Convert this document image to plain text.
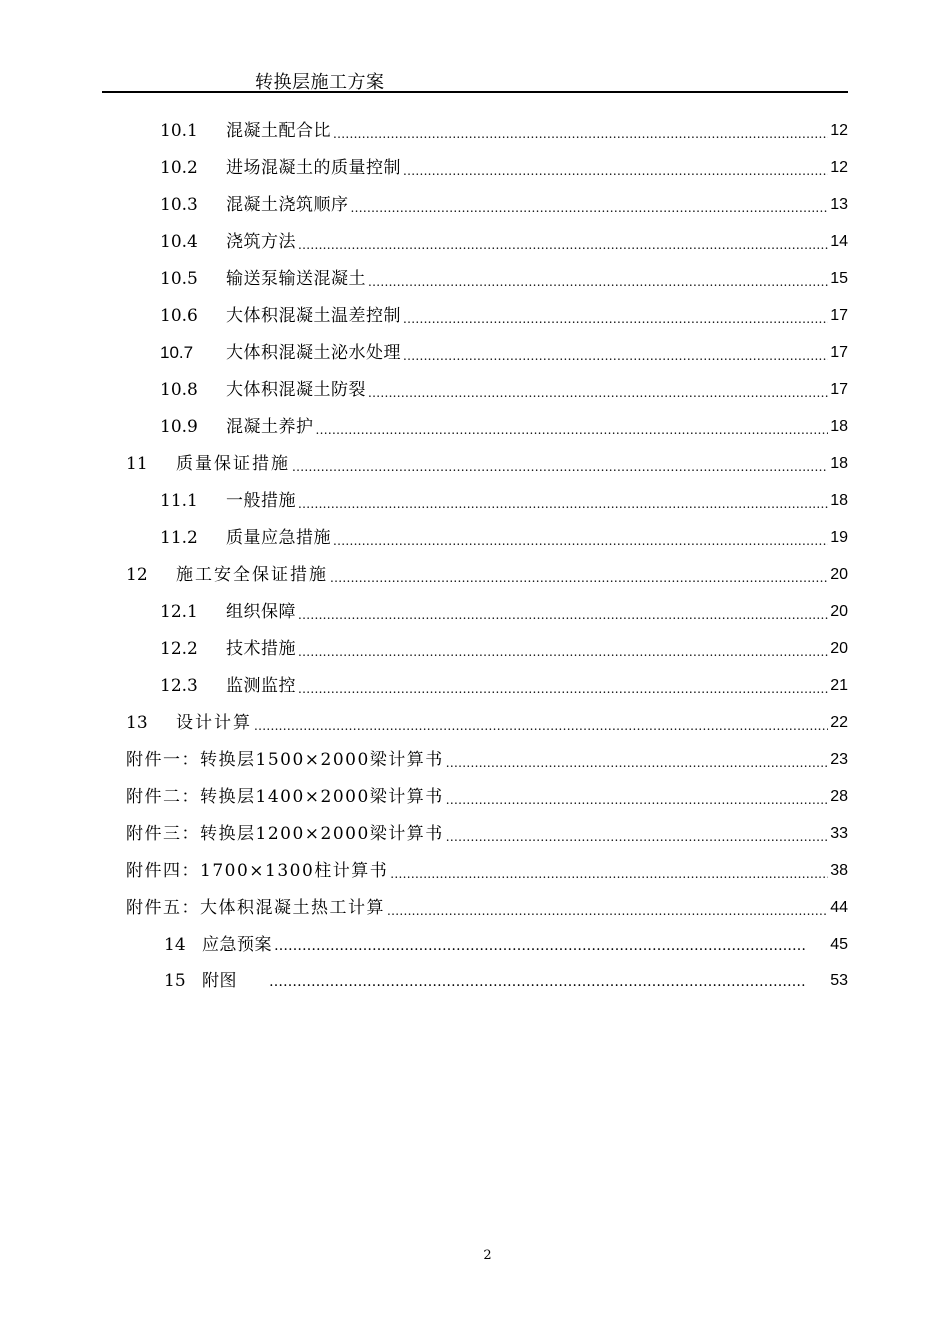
转换层施工方案
10.1	混凝土配合比 .....	12
10.2	进场混凝土的质量控制 .....	12
10.3	混凝土浇筑顺序 .....	13
10.4	浇筑方法 .....	14
10.5	输送泵输送混凝土 .....	15
10.6	大体积混凝土温差控制 .....	17
10.7	大体积混凝土泌水处理 .....	17
10.8	大体积混凝土防裂 .....	17
10.9	混凝土养护 .....	18
11	质量保证措施 .....	18
11.1	一般措施 .....	18
11.2	质量应急措施 .....	19
12	施工安全保证措施 .....	20
12.1	组织保障 .....	20
12.2	技术措施 .....	20
12.3	监测监控 .....	21
13	设计计算 .....	22
附件一：转换层1500×2000梁计算书 .....	23
附件二：转换层1400×2000梁计算书 .....	28
附件三：转换层1200×2000梁计算书 .....	33
附件四：1700×1300柱计算书 .....	38
附件五：大体积混凝土热工计算 .....	44
14 应急预案 …………………………………………………………………………………………………………………………………	45
15 附图 …………………………………………………………………………………………………………………………………	53
2
